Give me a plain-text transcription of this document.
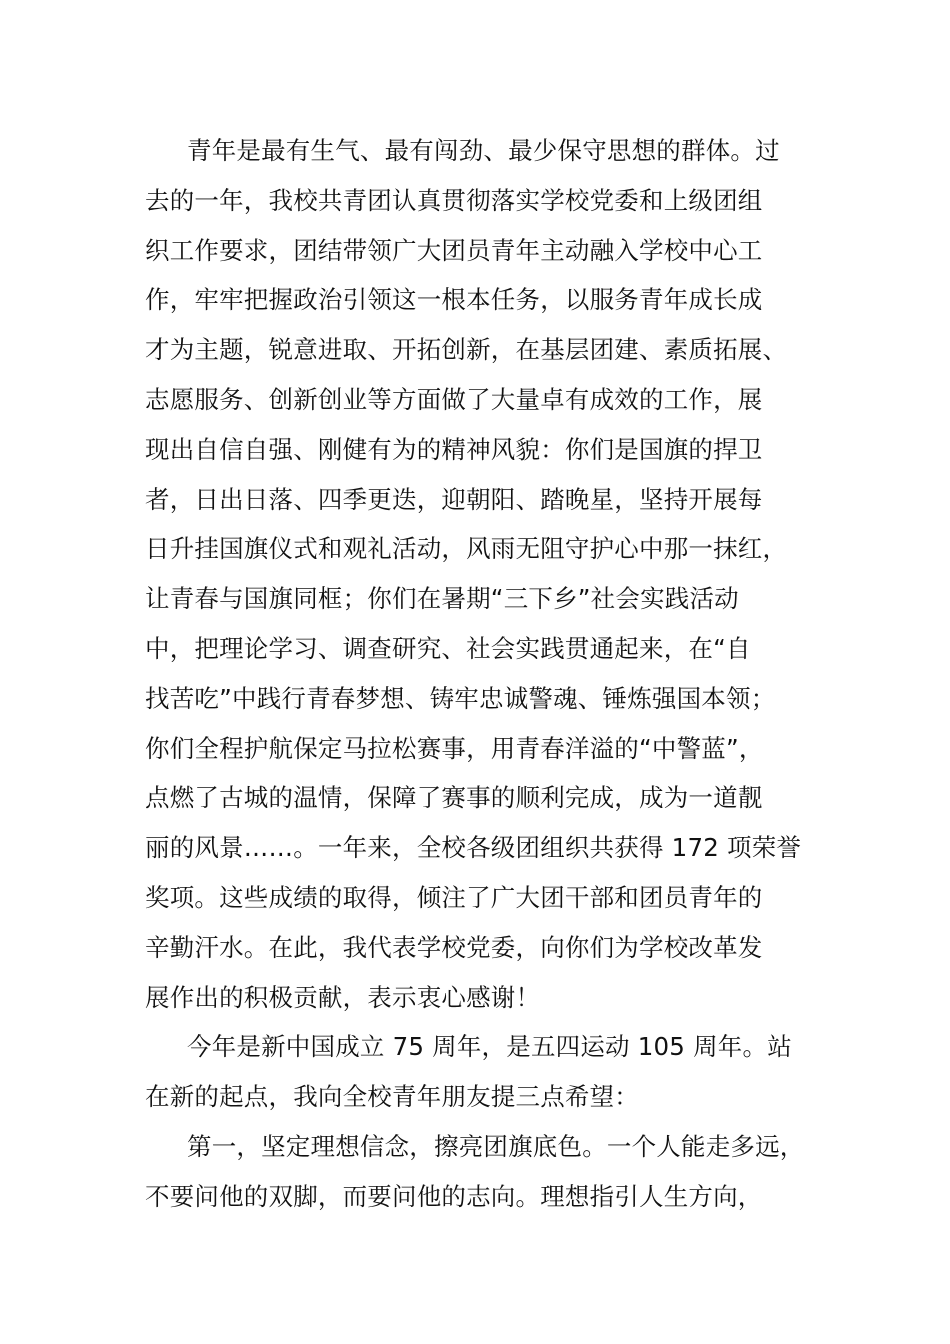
青年是最有生气、最有闯劲、最少保守思想的群体。过
去的一年，我校共青团认真贯彻落实学校党委和上级团组
织工作要求，团结带领广大团员青年主动融入学校中心工
作，牢牢把握政治引领这一根本任务，以服务青年成长成
才为主题，锐意进取、开拓创新，在基层团建、素质拓展、
志愿服务、创新创业等方面做了大量卓有成效的工作，展
现出自信自强、刚健有为的精神风貌：你们是国旗的捍卫
者，日出日落、四季更迭，迎朝阳、踏晚星，坚持开展每
日升挂国旗仪式和观礼活动，风雨无阻守护心中那一抹红，
让青春与国旗同框；你们在暑期“三下乡”社会实践活动
中，把理论学习、调查研究、社会实践贯通起来，在“自
找苦吃”中践行青春梦想、铸牢忠诚警魂、锤炼强国本领；
你们全程护航保定马拉松赛事，用青春洋溢的“中警蓝”，
点燃了古城的温情，保障了赛事的顺利完成，成为一道靓
丽的风景……。一年来，全校各级团组织共获得 172 项荣誉
奖项。这些成绩的取得，倾注了广大团干部和团员青年的
辛勤汗水。在此，我代表学校党委，向你们为学校改革发
展作出的积极贡献，表示衷心感谢！
今年是新中国成立 75 周年，是五四运动 105 周年。站
在新的起点，我向全校青年朋友提三点希望：
第一，坚定理想信念，擦亮团旗底色。一个人能走多远，
不要问他的双脚，而要问他的志向。理想指引人生方向，
